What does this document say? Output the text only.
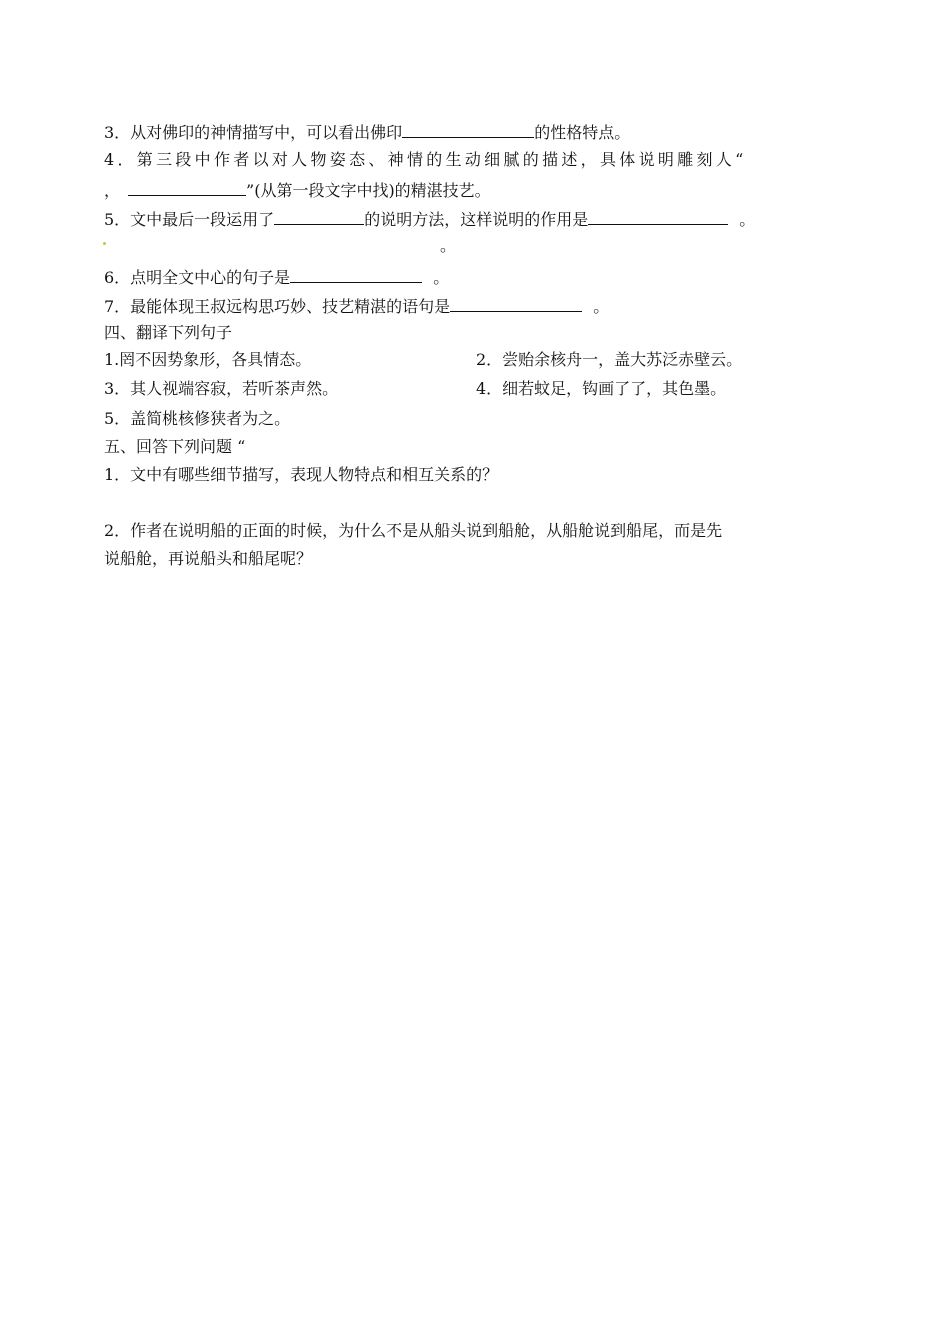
3．从对佛印的神情描写中，可以看出佛印	的性格特点。
4．第三段中作者以对人物姿态、神情的生动细腻的描述，具体说明雕刻人“
，	”(从第一段文字中找)的精湛技艺。
5．文中最后一段运用了	的说明方法，这样说明的作用是	。
。
6．点明全文中心的句子是	。
7．最能体现王叔远构思巧妙、技艺精湛的语句是	。
四、翻译下列句子
1.罔不因势象形，各具情态。	2．尝贻余核舟一，盖大苏泛赤壁云。
3．其人视端容寂，若听茶声然。	4．细若蚊足，钩画了了，其色墨。
5．盖简桃核修狭者为之。
五、回答下列问题 “
1．文中有哪些细节描写，表现人物特点和相互关系的？
2．作者在说明船的正面的时候，为什么不是从船头说到船舱，从船舱说到船尾，而是先
说船舱，再说船头和船尾呢？
